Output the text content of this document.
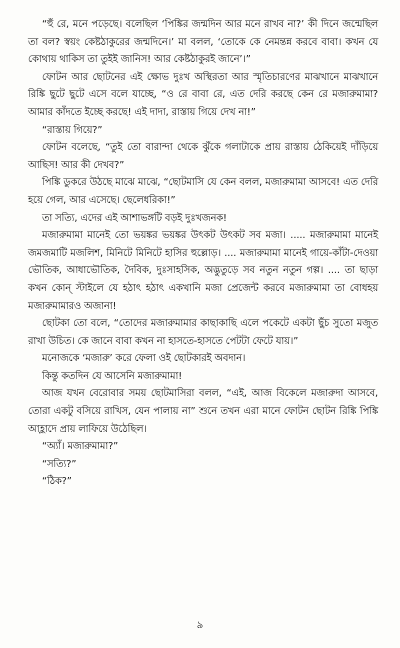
“হুঁ রে, মনে পড়েছে। বলেছিল ‘পিঙ্কির জন্মদিন আর মনে রাখব না?’ কী দিনে জন্মেছিল তা বল? স্বয়ং কেষ্টঠাকুরের জন্মদিনে।’ মা বলল, ‘তোকে কে নেমন্তন্ন করবে বাবা। কখন যে কোথায় থাকিস তা তুইই জানিস! আর কেষ্টঠাকুরই জানে’।”

ফোটন আর ছোটনের এই ক্ষোভ দুঃখ অস্থিরতা আর স্মৃতিচারণের মাঝখানে মাঝখানে রিঙ্কি ছুটে ছুটে এসে বলে যাচ্ছে, “ও রে বাবা রে, এত দেরি করছে কেন রে মজারুমামা? আমার কাঁদতে ইচ্ছে করছে! এই দাদা, রাস্তায় গিয়ে দেখ না!”

“রাস্তায় গিয়ে?”

ফোটন বলেছে, “তুই তো বারান্দা থেকে ঝুঁকে গলাটাকে প্রায় রাস্তায় ঠেকিয়েই দাঁড়িয়ে আছিস! আর কী দেখব?”

পিঙ্কি ডুকরে উঠছে মাঝে মাঝে, “ছোটমাসি যে কেন বলল, মজারুমামা আসবে! এত দেরি হয়ে গেল, আর এসেছে। ছেলেধরিকা!”

তা সত্যি, এদের এই আশাভঙ্গটি বড়ই দুঃখজনক!

মজারুমামা মানেই তো ভয়ঙ্কর ভয়ঙ্কর উৎকট উৎকট সব মজা। ..... মজারুমামা মানেই জমজমাটি মজলিশ, মিনিটে মিনিটে হাসির হুল্লোড়। .... মজারুমামা মানেই গায়ে-কাঁটা-দেওয়া ভৌতিক, আধাভৌতিক, দৈবিক, দুঃসাহসিক, অদ্ভুতুড়ে সব নতুন নতুন গল্প। .... তা ছাড়া কখন কোন্ স্টাইলে যে হঠাৎ হঠাৎ একখানি মজা প্রেজেন্ট করবে মজারুমামা তা বোধহয় মজারুমামারও অজানা!

ছোটকা তো বলে, “তোদের মজারুমামার কাছাকাছি এলে পকেটে একটা ছুঁচ সুতো মজুত রাখা উচিত। কে জানে বাবা কখন না হাসতে-হাসতে পেটটা ফেটে যায়।”

মনোজকে ‘মজারু’ করে ফেলা ওই ছোটকারই অবদান।

কিন্তু কতদিন যে আসেনি মজারুমামা!

আজ যখন বেরোবার সময় ছোটমাসিরা বলল, “এই, আজ বিকেলে মজারুদা আসবে, তোরা একটু বসিয়ে রাখিস, যেন পালায় না” শুনে তখন এরা মানে ফোটন ছোটন রিঙ্কি পিঙ্কি আহ্লাদে প্রায় লাফিয়ে উঠেছিল।

“অ্যাঁ। মজারুমামা?”

“সত্যি?”

“ঠিক?”

৯
